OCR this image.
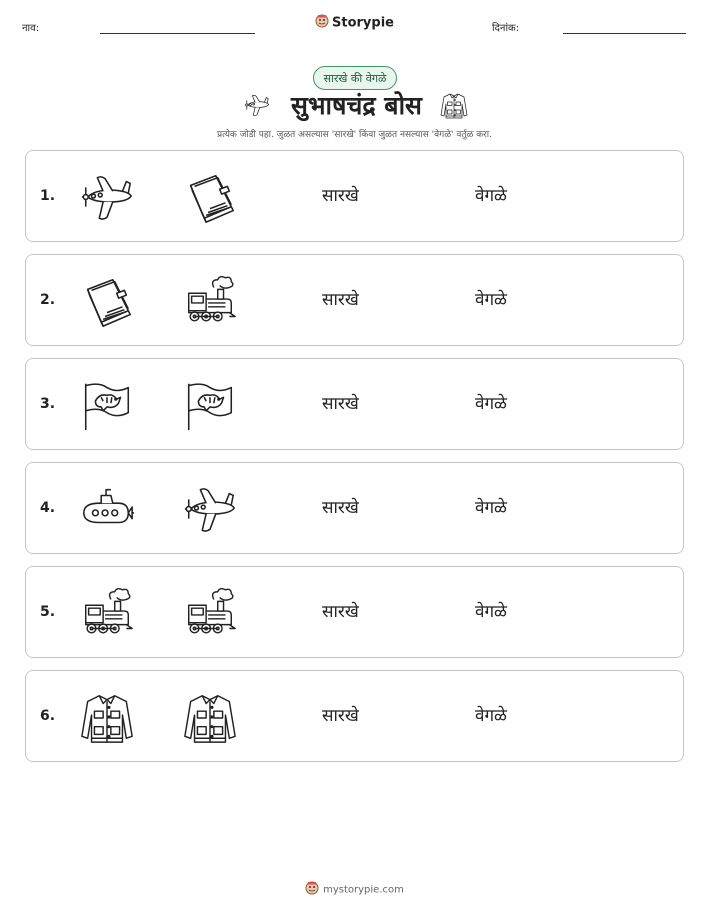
नाव:	Storypie	दिनांक:
सारखे की वेगळे
सुभाषचंद्र बोस
प्रत्येक जोडी पहा. जुळत असल्यास 'सारखे' किंवा जुळत नसल्यास 'वेगळे' वर्तुळ करा.
1.	सारखे	वेगळे
2.	सारखे	वेगळे
3.	सारखे	वेगळे
4.	सारखे	वेगळे
5.	सारखे	वेगळे
6.	सारखे	वेगळे
mystorypie.com
